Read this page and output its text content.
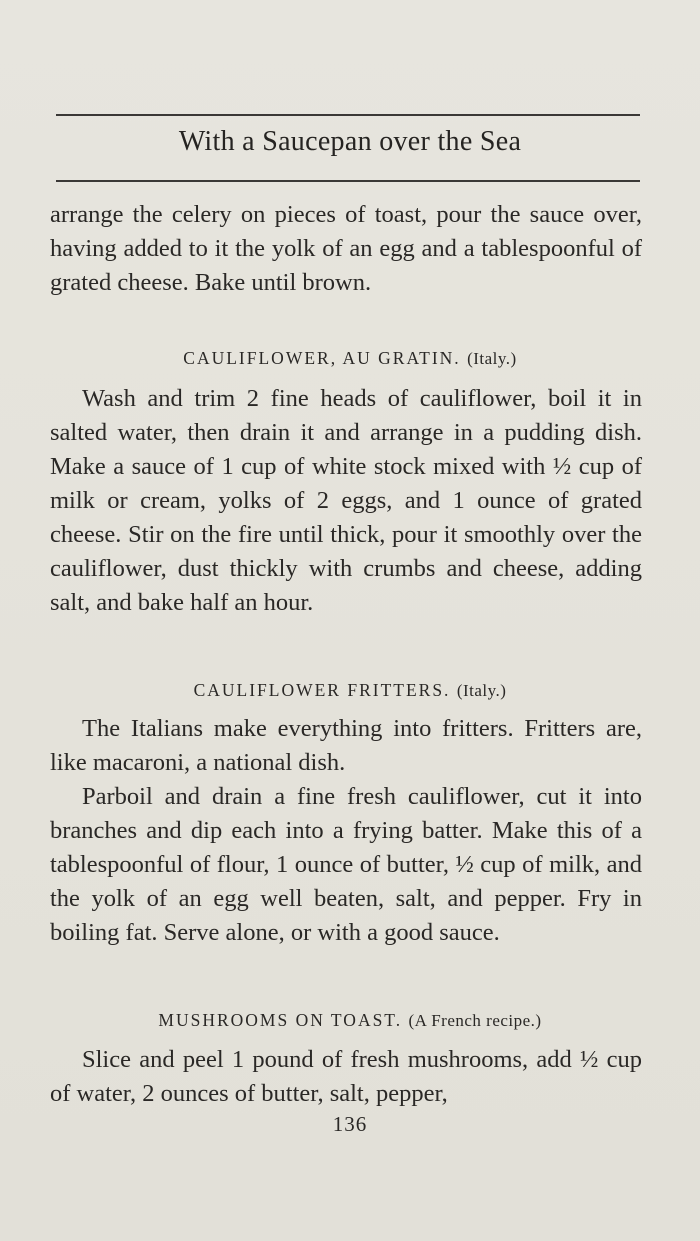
With a Saucepan over the Sea

arrange the celery on pieces of toast, pour the sauce over, having added to it the yolk of an egg and a tablespoonful of grated cheese. Bake until brown.

CAULIFLOWER, AU GRATIN. (Italy.)

Wash and trim 2 fine heads of cauliflower, boil it in salted water, then drain it and arrange in a pudding dish. Make a sauce of 1 cup of white stock mixed with ½ cup of milk or cream, yolks of 2 eggs, and 1 ounce of grated cheese. Stir on the fire until thick, pour it smoothly over the cauliflower, dust thickly with crumbs and cheese, adding salt, and bake half an hour.

CAULIFLOWER FRITTERS. (Italy.)

The Italians make everything into fritters. Fritters are, like macaroni, a national dish.

Parboil and drain a fine fresh cauliflower, cut it into branches and dip each into a frying batter. Make this of a tablespoonful of flour, 1 ounce of butter, ½ cup of milk, and the yolk of an egg well beaten, salt, and pepper. Fry in boiling fat. Serve alone, or with a good sauce.

MUSHROOMS ON TOAST. (A French recipe.)

Slice and peel 1 pound of fresh mushrooms, add ½ cup of water, 2 ounces of butter, salt, pepper,

136
